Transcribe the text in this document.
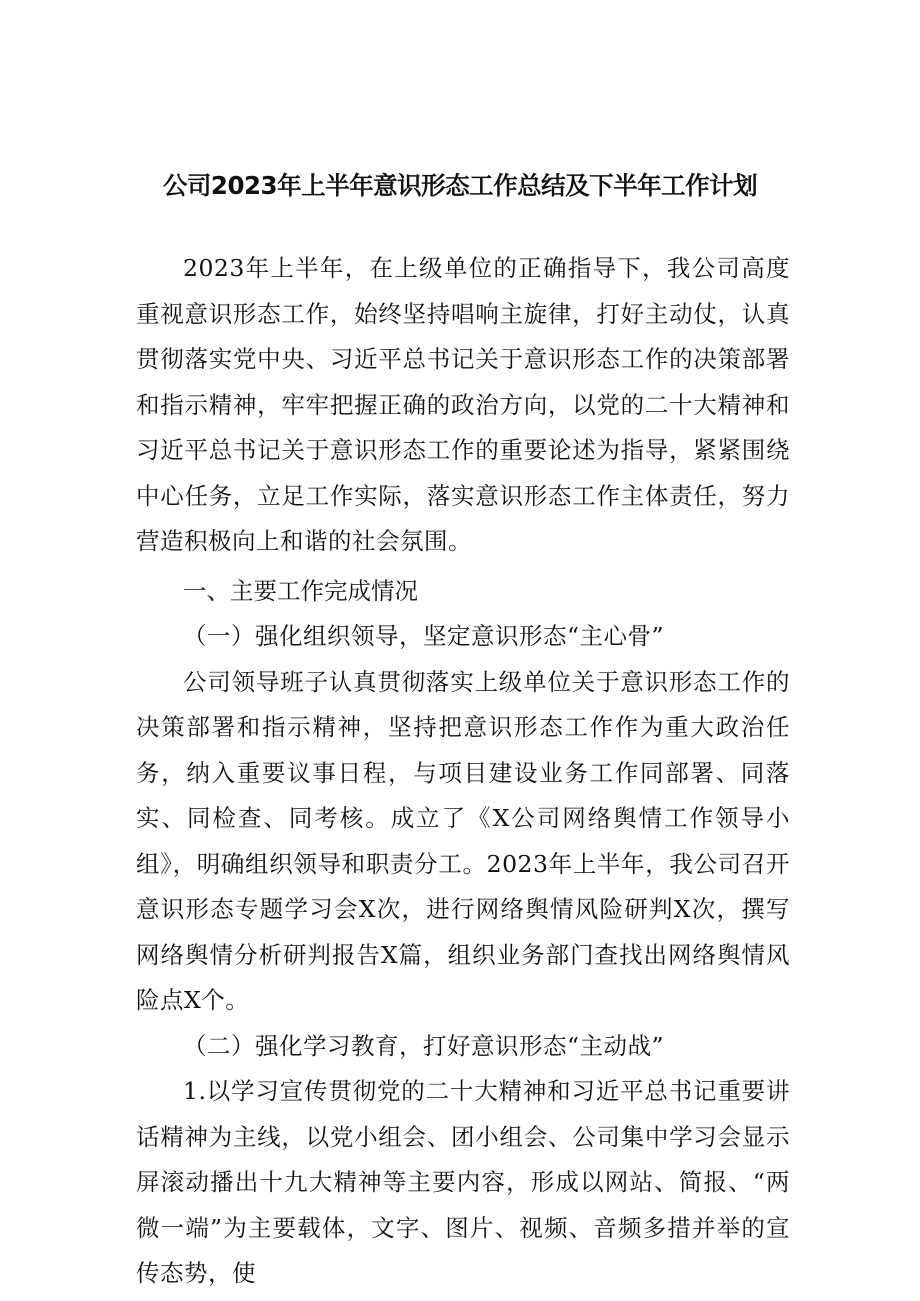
公司2023年上半年意识形态工作总结及下半年工作计划

2023年上半年，在上级单位的正确指导下，我公司高度重视意识形态工作，始终坚持唱响主旋律，打好主动仗，认真贯彻落实党中央、习近平总书记关于意识形态工作的决策部署和指示精神，牢牢把握正确的政治方向，以党的二十大精神和习近平总书记关于意识形态工作的重要论述为指导，紧紧围绕中心任务，立足工作实际，落实意识形态工作主体责任，努力营造积极向上和谐的社会氛围。

一、主要工作完成情况

（一）强化组织领导，坚定意识形态“主心骨”

公司领导班子认真贯彻落实上级单位关于意识形态工作的决策部署和指示精神，坚持把意识形态工作作为重大政治任务，纳入重要议事日程，与项目建设业务工作同部署、同落实、同检查、同考核。成立了《X公司网络舆情工作领导小组》，明确组织领导和职责分工。2023年上半年，我公司召开意识形态专题学习会X次，进行网络舆情风险研判X次，撰写网络舆情分析研判报告X篇，组织业务部门查找出网络舆情风险点X个。

（二）强化学习教育，打好意识形态“主动战”

1.以学习宣传贯彻党的二十大精神和习近平总书记重要讲话精神为主线，以党小组会、团小组会、公司集中学习会显示屏滚动播出十九大精神等主要内容，形成以网站、简报、“两微一端”为主要载体，文字、图片、视频、音频多措并举的宣传态势，使
